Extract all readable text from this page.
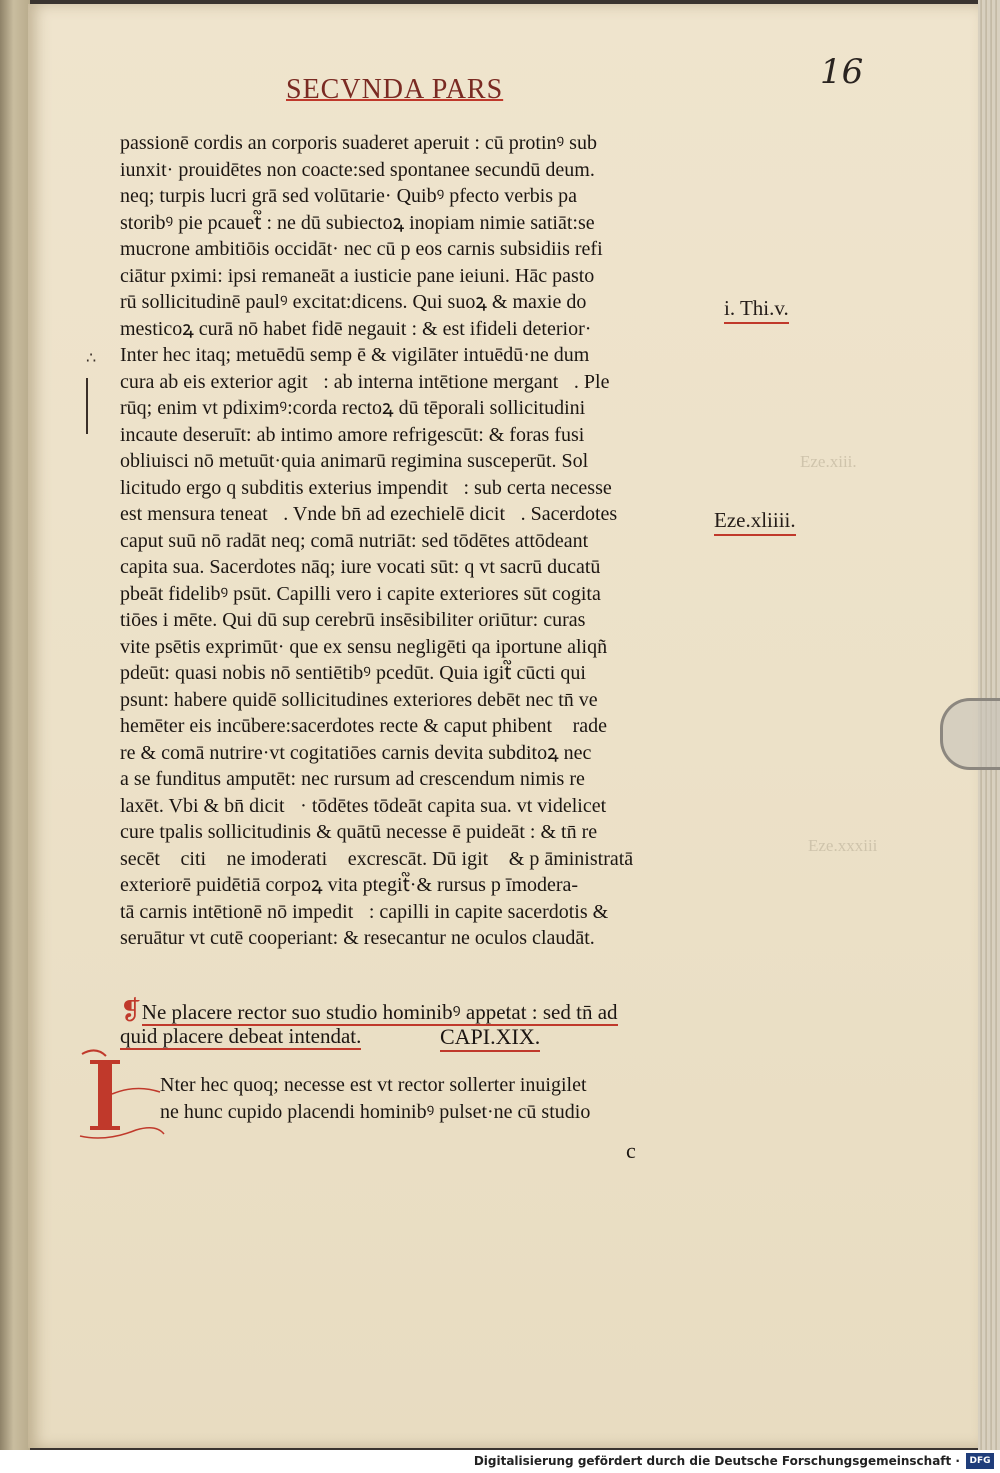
SECVNDA PARS	16
Eze.xiii.
Eze.xxxiii
∴
passionē cordis an corporis suaderet aperuit : cū protinꝰ sub
iunxit· prouidētes non coacte:sed spontanee secundū deum.
neq; turpis lucri grā sed volūtarie· Quibꝰ pfecto verbis pa
storibꝰ pie pcauet᷑ : ne dū subiectoꝝ inopiam nimie satiāt:se
mucrone ambitiōis occidāt· nec cū p eos carnis subsidiis refi
ciātur pximi: ipsi remaneāt a iusticie pane ieiuni. Hāc pasto
rū sollicitudinē paulꝰ excitat:dicens. Qui suoꝝ & maxie do
mesticoꝝ curā nō habet fidē negauit : & est ifideli deterior·
Inter hec itaq; metuēdū semp ē & vigilāter intuēdū·ne dum
cura ab eis exterior agit᷑: ab interna intētione mergant᷑. Ple
rūq; enim vt pdiximꝰ:corda rectoꝝ dū tēporali sollicitudini
incaute deseruīt: ab intimo amore refrigescūt: & foras fusi
obliuisci nō metuūt·quia animarū regimina susceperūt. Sol
licitudo ergo q subditis exterius impendit᷑: sub certa necesse
est mensura teneat᷑. Vnde bn̄ ad ezechielē dicit᷑. Sacerdotes
caput suū nō radāt neq; comā nutriāt: sed tōdētes attōdeant
capita sua. Sacerdotes nāq; iure vocati sūt: q vt sacrū ducatū
pbeāt fidelibꝰ psūt. Capilli vero i capite exteriores sūt cogita
tiōes i mēte. Qui dū sup cerebrū insēsibiliter oriūtur: curas
vite psētis exprimūt· que ex sensu negligēti qa iportune aliqñ
pdeūt: quasi nobis nō sentiētibꝰ pcedūt. Quia igit᷑ cūcti qui
psunt: habere quidē sollicitudines exteriores debēt nec tn̄ ve
hemēter eis incūbere:sacerdotes recte & caput phibent᷑ rade
re & comā nutrire·vt cogitatiōes carnis devita subditoꝝ nec
a se funditus amputēt: nec rursum ad crescendum nimis re
laxēt. Vbi & bn̄ dicit᷑· tōdētes tōdeāt capita sua. vt videlicet
cure tpalis sollicitudinis & quātū necesse ē puideāt : & tn̄ re
secēt᷑ citiꝰ ne imoderatiꝰ excrescāt. Dū igit᷑ & p āministratā
exteriorē puidētiā corpoꝝ vita ptegit᷑·& rursus p īmodera-
tā carnis intētionē nō impedit᷑: capilli in capite sacerdotis &
seruātur vt cutē cooperiant: & resecantur ne oculos claudāt.
i. Thi.v.
Eze.xliiii.
❡Ne placere rector suo studio hominibꝰ appetat : sed tn̄ ad
quid placere debeat intendat.	CAPI.XIX.
Nter hec quoq; necesse est vt rector sollerter inuigilet
ne hunc cupido placendi hominibꝰ pulset·ne cū studio
c
Digitalisierung gefördert durch die Deutsche Forschungsgemeinschaft ·	DFG
